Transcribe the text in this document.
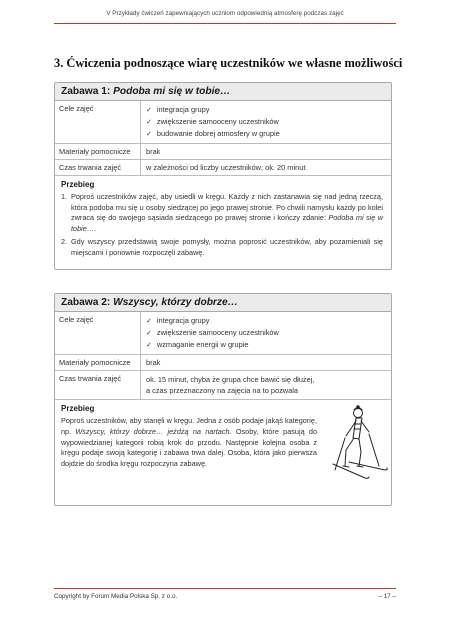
V Przykłady ćwiczeń zapewniających uczniom odpowiednią atmosferę podczas zajęć
3. Ćwiczenia podnoszące wiarę uczestników we własne możliwości
Zabawa 1: Podoba mi się w tobie…
Cele zajęć	✓ integracja grupy
✓ zwiększenie samooceny uczestników
✓ budowanie dobrej atmosfery w grupie
Materiały pomocnicze	brak
Czas trwania zajęć	w zależności od liczby uczestników; ok. 20 minut
Przebieg
1. Poproś uczestników zajęć, aby usiedli w kręgu. Każdy z nich zastanawia się nad jedną rzeczą, która podoba mu się u osoby siedzącej po jego prawej stronie. Po chwili namysłu każdy po kolei zwraca się do swojego sąsiada siedzącego po prawej stronie i kończy zdanie: Podoba mi się w tobie….
2. Gdy wszyscy przedstawią swoje pomysły, można poprosić uczestników, aby pozamieniali się miejscami i ponownie rozpoczęli zabawę.
Zabawa 2: Wszyscy, którzy dobrze…
Cele zajęć	✓ integracja grupy
✓ zwiększenie samooceny uczestników
✓ wzmaganie energii w grupie
Materiały pomocnicze	brak
Czas trwania zajęć	ok. 15 minut, chyba że grupa chce bawić się dłużej,
a czas przeznaczony na zajęcia na to pozwala
Przebieg
Poproś uczestników, aby stanęli w kręgu. Jedna z osób podaje jakąś kategorię, np. Wszyscy, którzy dobrze… jeżdżą na nartach. Osoby, które pasują do wypowiedzianej kategorii robią krok do przodu. Następnie kolejna osoba z kręgu podaje swoją kategorię i zabawa trwa dalej. Osoba, która jako pierwsza dojdzie do środka kręgu rozpoczyna zabawę.
Copyright by Forum Media Polska Sp. z o.o.	– 17 –
